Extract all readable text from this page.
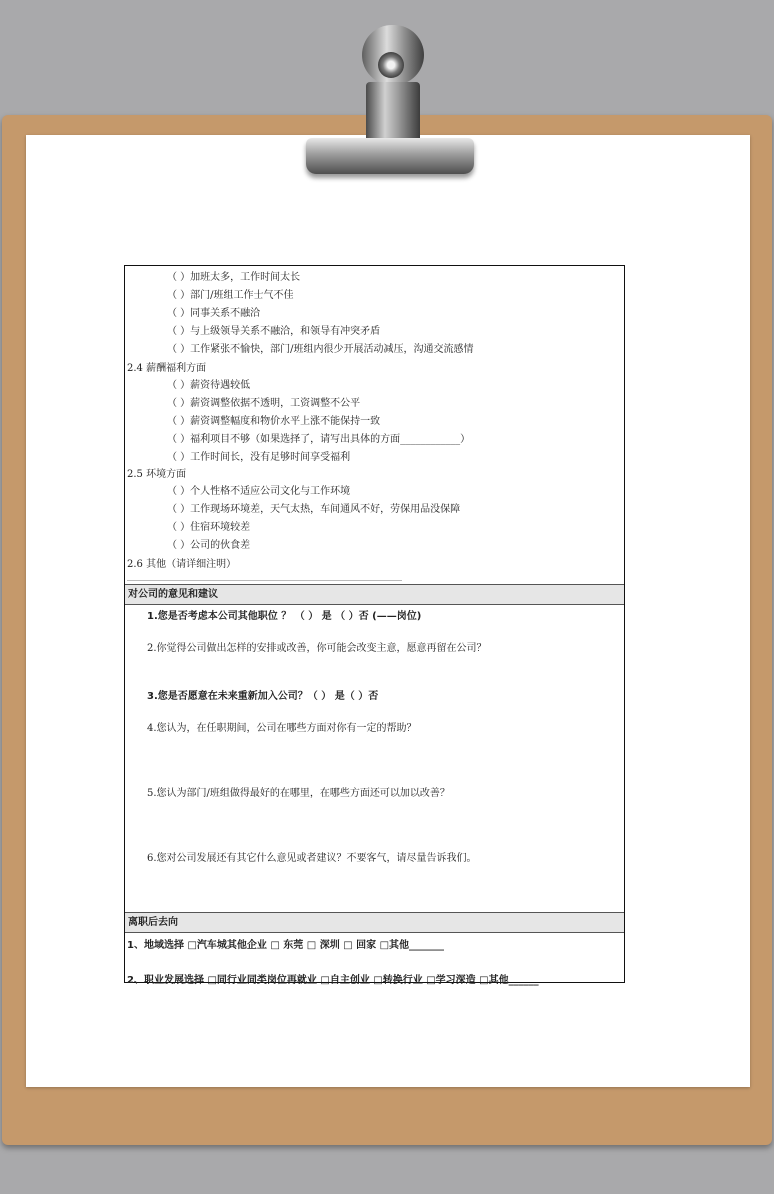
（ ）加班太多，工作时间太长
（ ）部门/班组工作士气不佳
（ ）同事关系不融洽
（ ）与上级领导关系不融洽，和领导有冲突矛盾
（ ）工作紧张不愉快，部门/班组内很少开展活动减压，沟通交流感情
2.4 薪酬福利方面
（ ）薪资待遇较低
（ ）薪资调整依据不透明，工资调整不公平
（ ）薪资调整幅度和物价水平上涨不能保持一致
（ ）福利项目不够（如果选择了，请写出具体的方面____________）
（ ）工作时间长，没有足够时间享受福利
2.5 环境方面
（ ）个人性格不适应公司文化与工作环境
（ ）工作现场环境差，天气太热，车间通风不好，劳保用品没保障
（ ）住宿环境较差
（ ）公司的伙食差
2.6 其他（请详细注明）
对公司的意见和建议
1.您是否考虑本公司其他职位 ？ （ ） 是 （ ）否 (——岗位)
2.你觉得公司做出怎样的安排或改善，你可能会改变主意，愿意再留在公司？
3.您是否愿意在未来重新加入公司？（ ） 是（ ）否
4.您认为，在任职期间，公司在哪些方面对你有一定的帮助？
5.您认为部门/班组做得最好的在哪里，在哪些方面还可以加以改善？
6.您对公司发展还有其它什么意见或者建议？不要客气，请尽量告诉我们。
离职后去向
1、地域选择 □汽车城其他企业 □ 东莞 □ 深圳 □ 回家 □其他_______
2、职业发展选择 □同行业同类岗位再就业 □自主创业 □转换行业 □学习深造 □其他______
